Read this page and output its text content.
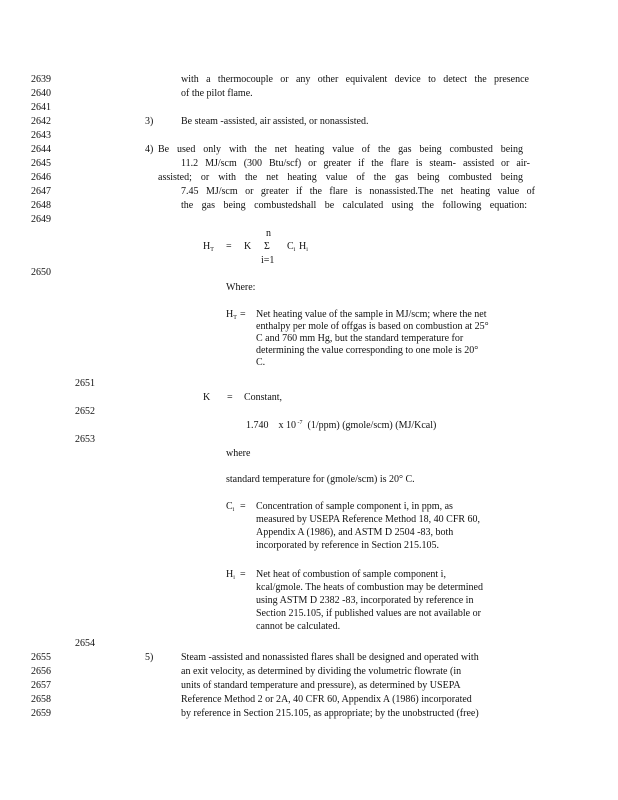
2639
2640
2641
2642
2643
2644
2645
2646
2647
2648
2649
2650
2651
2652
2653
2654
2655
2656
2657
2658
2659
with a thermocouple or any other equivalent device to detect the presence
of the pilot flame.
3)	Be steam -assisted, air assisted, or nonassisted.
4) Be used only with the net heating value of the gas being combusted being
11.2 MJ/scm (300 Btu/scf) or greater if the flare is steam- assisted or air-
assisted; or with the net heating value of the gas being combusted being
7.45 MJ/scm or greater if the flare is nonassisted.The net heating value of
the gas being combustedshall be calculated using the following equation:
$H_T = K$
n
Σ
i=1
$C_i$ $H_i$
Where:
$H_T$ = Net heating value of the sample in MJ/scm; where the net
enthalpy per mole of offgas is based on combustion at 25°
C and 760 mm Hg, but the standard temperature for
determining the value corresponding to one mole is 20°
C.
K = Constant,
1.740 x 10 $^{-7}$ (1/ppm) (gmole/scm) (MJ/Kcal)
where
standard temperature for (gmole/scm) is 20° C.
$C_i$ = Concentration of sample component i, in ppm, as
measured by USEPA Reference Method 18, 40 CFR 60,
Appendix A (1986), and ASTM D 2504 -83, both
incorporated by reference in Section 215.105.
$H_i$ = Net heat of combustion of sample component i,
kcal/gmole. The heats of combustion may be determined
using ASTM D 2382 -83, incorporated by reference in
Section 215.105, if published values are not available or
cannot be calculated.
5)	Steam -assisted and nonassisted flares shall be designed and operated with
an exit velocity, as determined by dividing the volumetric flowrate (in
units of standard temperature and pressure), as determined by USEPA
Reference Method 2 or 2A, 40 CFR 60, Appendix A (1986) incorporated
by reference in Section 215.105, as appropriate; by the unobstructed (free)
